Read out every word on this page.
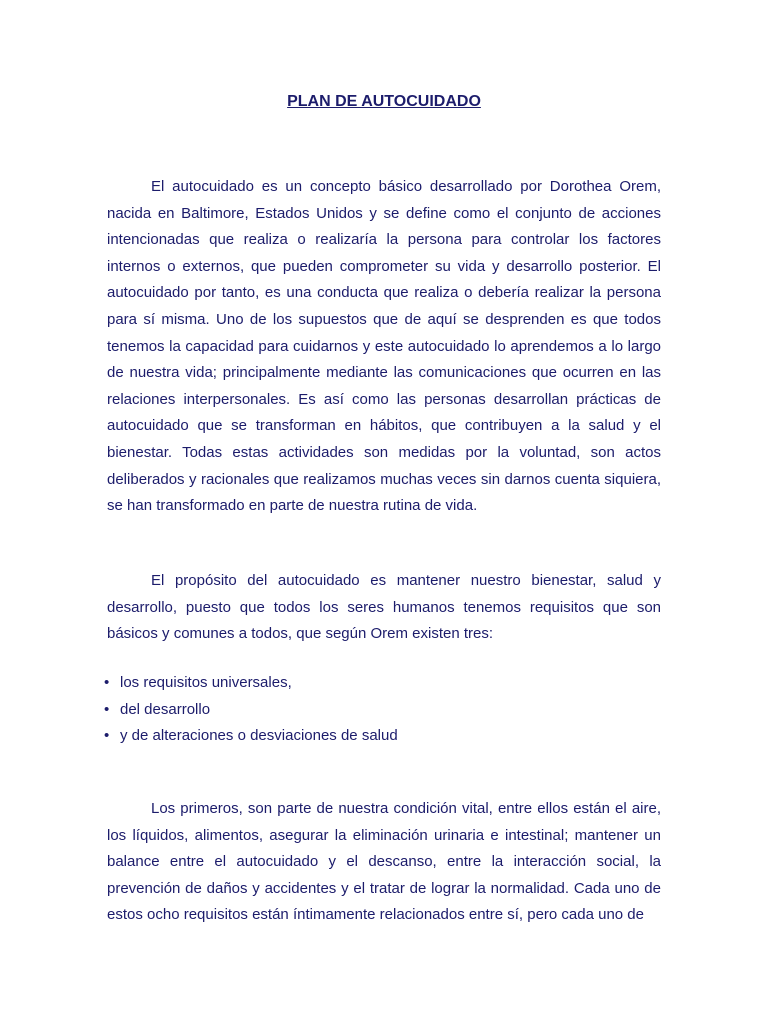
PLAN DE AUTOCUIDADO

El autocuidado es un concepto básico desarrollado por Dorothea Orem, nacida en Baltimore, Estados Unidos y se define como el conjunto de acciones intencionadas que realiza o realizaría la persona para controlar los factores internos o externos, que pueden comprometer su vida y desarrollo posterior. El autocuidado por tanto, es una conducta que realiza o debería realizar la persona para sí misma. Uno de los supuestos que de aquí se desprenden es que todos tenemos la capacidad para cuidarnos y este autocuidado lo aprendemos a lo largo de nuestra vida; principalmente mediante las comunicaciones que ocurren en las relaciones interpersonales. Es así como las personas desarrollan prácticas de autocuidado que se transforman en hábitos, que contribuyen a la salud y el bienestar. Todas estas actividades son medidas por la voluntad, son actos deliberados y racionales que realizamos muchas veces sin darnos cuenta siquiera, se han transformado en parte de nuestra rutina de vida.

El propósito del autocuidado es mantener nuestro bienestar, salud y desarrollo, puesto que todos los seres humanos tenemos requisitos que son básicos y comunes a todos, que según Orem existen tres:

• los requisitos universales,
• del desarrollo
• y de alteraciones o desviaciones de salud

Los primeros, son parte de nuestra condición vital, entre ellos están el aire, los líquidos, alimentos, asegurar la eliminación urinaria e intestinal; mantener un balance entre el autocuidado y el descanso, entre la interacción social, la prevención de daños y accidentes y el tratar de lograr la normalidad. Cada uno de estos ocho requisitos están íntimamente relacionados entre sí, pero cada uno de
